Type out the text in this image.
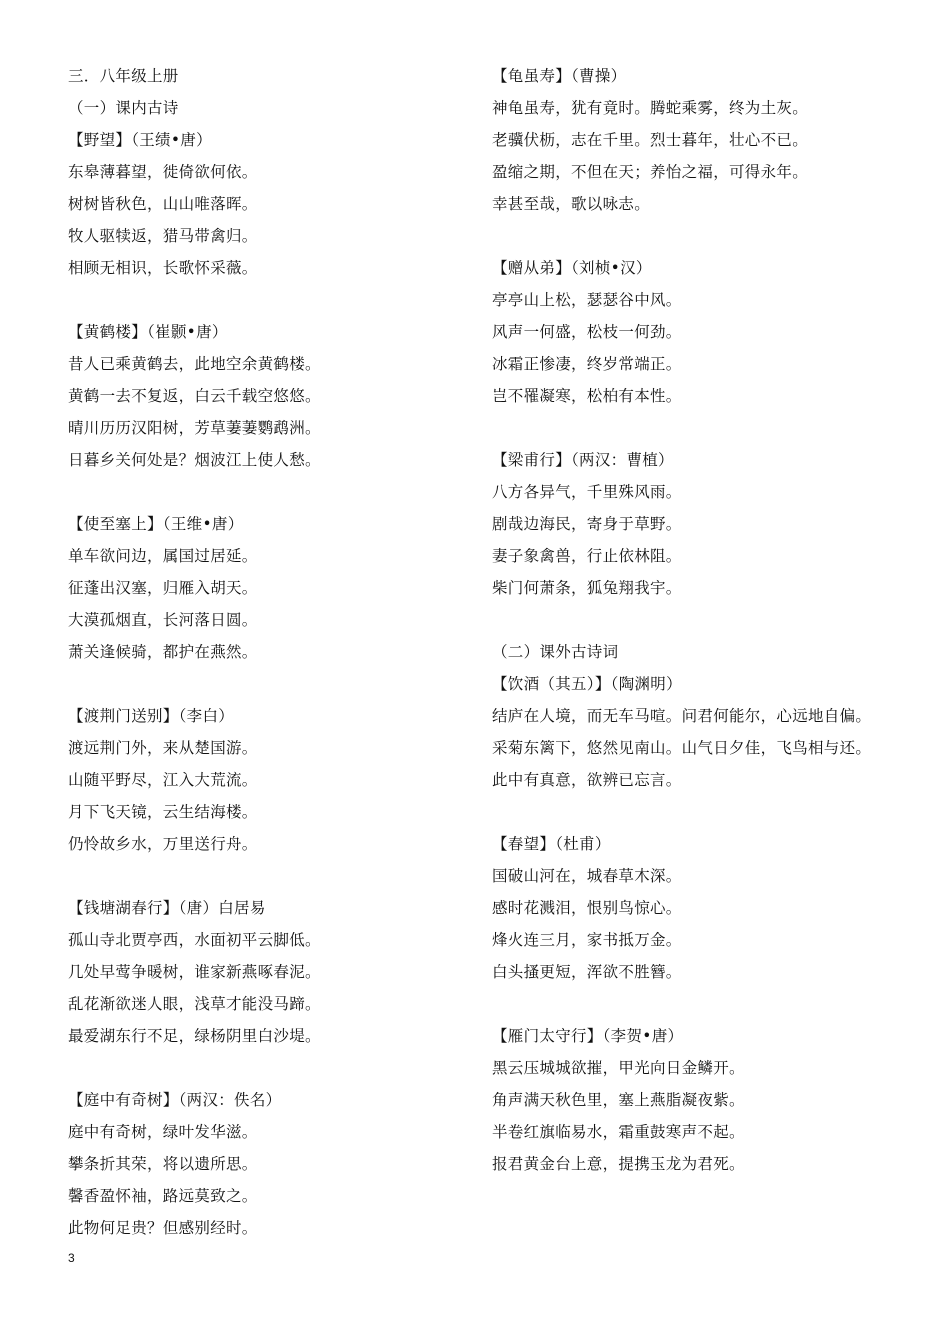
三．八年级上册
（一）课内古诗
【野望】（王绩•唐）
东皋薄暮望，徙倚欲何依。
树树皆秋色，山山唯落晖。
牧人驱犊返，猎马带禽归。
相顾无相识，长歌怀采薇。
【黄鹤楼】（崔颢•唐）
昔人已乘黄鹤去，此地空余黄鹤楼。
黄鹤一去不复返，白云千载空悠悠。
晴川历历汉阳树，芳草萋萋鹦鹉洲。
日暮乡关何处是？烟波江上使人愁。
【使至塞上】（王维•唐）
单车欲问边，属国过居延。
征蓬出汉塞，归雁入胡天。
大漠孤烟直，长河落日圆。
萧关逢候骑，都护在燕然。
【渡荆门送别】（李白）
渡远荆门外，来从楚国游。
山随平野尽，江入大荒流。
月下飞天镜，云生结海楼。
仍怜故乡水，万里送行舟。
【钱塘湖春行】（唐）白居易
孤山寺北贾亭西，水面初平云脚低。
几处早莺争暖树，谁家新燕啄春泥。
乱花渐欲迷人眼，浅草才能没马蹄。
最爱湖东行不足，绿杨阴里白沙堤。
【庭中有奇树】（两汉：佚名）
庭中有奇树，绿叶发华滋。
攀条折其荣，将以遗所思。
馨香盈怀袖，路远莫致之。
此物何足贵？但感别经时。
【龟虽寿】（曹操）
神龟虽寿，犹有竟时。腾蛇乘雾，终为土灰。
老骥伏枥，志在千里。烈士暮年，壮心不已。
盈缩之期，不但在天；养怡之福，可得永年。
幸甚至哉，歌以咏志。
【赠从弟】（刘桢•汉）
亭亭山上松，瑟瑟谷中风。
风声一何盛，松枝一何劲。
冰霜正惨凄，终岁常端正。
岂不罹凝寒，松柏有本性。
【梁甫行】（两汉：曹植）
八方各异气，千里殊风雨。
剧哉边海民，寄身于草野。
妻子象禽兽，行止依林阻。
柴门何萧条，狐兔翔我宇。
（二）课外古诗词
【饮酒（其五）】（陶渊明）
结庐在人境，而无车马喧。问君何能尔，心远地自偏。
采菊东篱下，悠然见南山。山气日夕佳，飞鸟相与还。
此中有真意，欲辨已忘言。
【春望】（杜甫）
国破山河在，城春草木深。
感时花溅泪，恨别鸟惊心。
烽火连三月，家书抵万金。
白头搔更短，浑欲不胜簪。
【雁门太守行】（李贺•唐）
黑云压城城欲摧，甲光向日金鳞开。
角声满天秋色里，塞上燕脂凝夜紫。
半卷红旗临易水，霜重鼓寒声不起。
报君黄金台上意，提携玉龙为君死。
3
